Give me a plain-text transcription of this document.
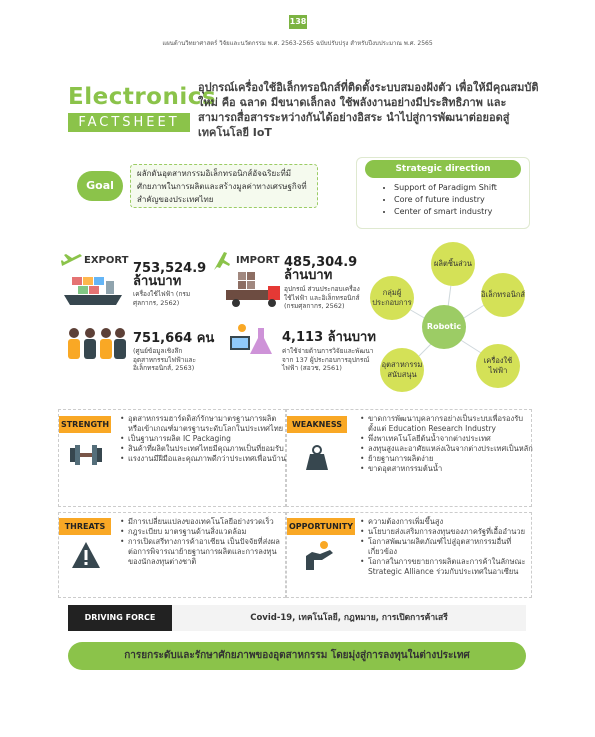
138
แผนด้านวิทยาศาสตร์ วิจัยและนวัตกรรม พ.ศ. 2563-2565 ฉบับปรับปรุง สำหรับปีงบประมาณ พ.ศ. 2565
Electronics
FACTSHEET
อุปกรณ์เครื่องใช้อิเล็กทรอนิกส์ที่ติดตั้งระบบสมองฝังตัว เพื่อให้มีคุณสมบัติใหม่ คือ ฉลาด มีขนาดเล็กลง ใช้พลังงานอย่างมีประสิทธิภาพ และสามารถสื่อสารระหว่างกันได้อย่างอิสระ นำไปสู่การพัฒนาต่อยอดสู่เทคโนโลยี IoT
Goal
ผลักดันอุตสาหกรรมอิเล็กทรอนิกส์อัจฉริยะที่มีศักยภาพในการผลิตและสร้างมูลค่าทางเศรษฐกิจที่สำคัญของประเทศไทย
Strategic direction
• Support of Paradigm Shift
• Core of future industry
• Center of smart industry
EXPORT
753,524.9
ล้านบาท
เครื่องใช้ไฟฟ้า (กรมศุลกากร, 2562)
IMPORT 485,304.9
ล้านบาท
อุปกรณ์ ส่วนประกอบเครื่องใช้ไฟฟ้า และอิเล็กทรอนิกส์ (กรมศุลกากร, 2562)
751,664 คน
(ศูนย์ข้อมูลเชิงลึกอุตสาหกรรมไฟฟ้าและอิเล็กทรอนิกส์, 2563)
4,113 ล้านบาท
ค่าใช้จ่ายด้านการวิจัยและพัฒนา จาก 137 ผู้ประกอบการอุปกรณ์ไฟฟ้า (สอวช, 2561)
Robotic
ผลิตชิ้นส่วน
อิเล็กทรอนิกส์
เครื่องใช้ไฟฟ้า
อุตสาหกรรมสนับสนุน
กลุ่มผู้ประกอบการ
STRENGTH
• อุตสาหกรรมฮาร์ดดิสก์รักษามาตรฐานการผลิต หรือเข้าเกณฑ์มาตรฐานระดับโลกในประเทศไทย
• เป็นฐานการผลิต IC Packaging
• สินค้าที่ผลิตในประเทศไทยมีคุณภาพเป็นที่ยอมรับ
• แรงงานมีฝีมือและคุณภาพดีกว่าประเทศเพื่อนบ้าน
WEAKNESS
• ขาดการพัฒนาบุคลากรอย่างเป็นระบบเพื่อรองรับตั้งแต่ Education Research Industry
• พึ่งพาเทคโนโลยีต้นน้ำจากต่างประเทศ
• ลงทุนสูงและอาศัยแหล่งเงินจากต่างประเทศเป็นหลัก
• ย้ายฐานการผลิตง่าย
• ขาดอุตสาหกรรมต้นน้ำ
THREATS
• มีการเปลี่ยนแปลงของเทคโนโลยีอย่างรวดเร็ว
• กฎระเบียบ มาตรฐานด้านสิ่งแวดล้อม
• การเปิดเสรีทางการค้าอาเซียน เป็นปัจจัยที่ส่งผลต่อการพิจารณาย้ายฐานการผลิตและการลงทุนของนักลงทุนต่างชาติ
OPPORTUNITY
• ความต้องการเพิ่มขึ้นสูง
• นโยบายส่งเสริมการลงทุนของภาครัฐที่เอื้ออำนวย
• โอกาสพัฒนาผลิตภัณฑ์ไปสู่อุตสาหกรรมอื่นที่เกี่ยวข้อง
• โอกาสในการขยายการผลิตและการค้าในลักษณะ Strategic Alliance ร่วมกับประเทศในอาเซียน
DRIVING FORCE	Covid-19, เทคโนโลยี, กฎหมาย, การเปิดการค้าเสรี
การยกระดับและรักษาศักยภาพของอุตสาหกรรม โดยมุ่งสู่การลงทุนในต่างประเทศ
